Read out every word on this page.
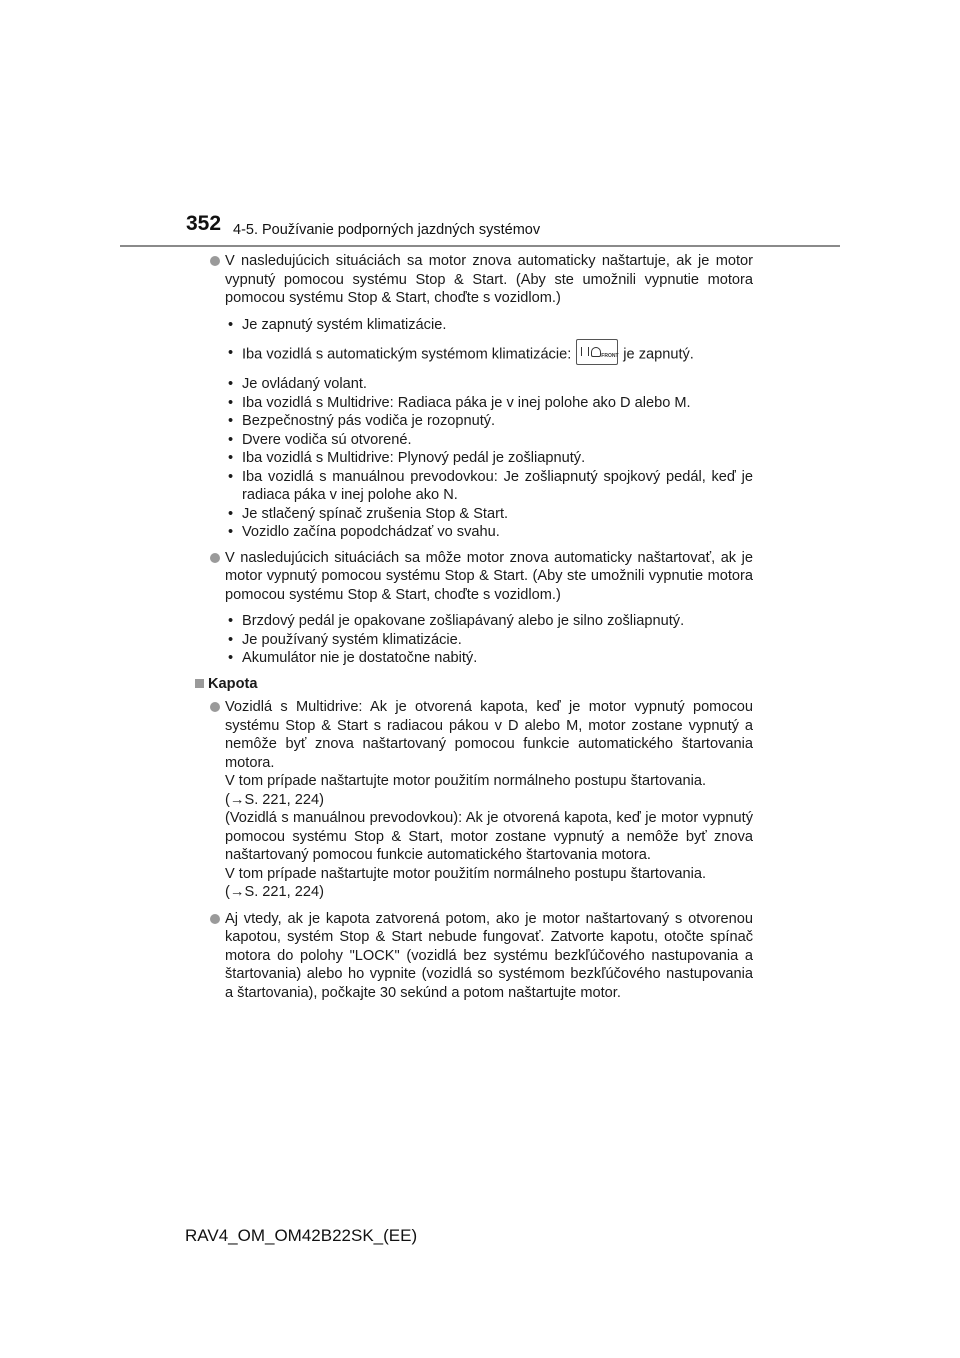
352 4-5. Používanie podporných jazdných systémov
V nasledujúcich situáciách sa motor znova automaticky naštartuje, ak je motor vypnutý pomocou systému Stop & Start. (Aby ste umožnili vypnutie motora pomocou systému Stop & Start, choďte s vozidlom.)
• Je zapnutý systém klimatizácie.
• Iba vozidlá s automatickým systémom klimatizácie:	FRONT je zapnutý.
• Je ovládaný volant.
• Iba vozidlá s Multidrive: Radiaca páka je v inej polohe ako D alebo M.
• Bezpečnostný pás vodiča je rozopnutý.
• Dvere vodiča sú otvorené.
• Iba vozidlá s Multidrive: Plynový pedál je zošliapnutý.
• Iba vozidlá s manuálnou prevodovkou: Je zošliapnutý spojkový pedál, keď je radiaca páka v inej polohe ako N.
• Je stlačený spínač zrušenia Stop & Start.
• Vozidlo začína popodchádzať vo svahu.
V nasledujúcich situáciách sa môže motor znova automaticky naštartovať, ak je motor vypnutý pomocou systému Stop & Start. (Aby ste umožnili vypnutie motora pomocou systému Stop & Start, choďte s vozidlom.)
• Brzdový pedál je opakovane zošliapávaný alebo je silno zošliapnutý.
• Je používaný systém klimatizácie.
• Akumulátor nie je dostatočne nabitý.
Kapota
Vozidlá s Multidrive: Ak je otvorená kapota, keď je motor vypnutý pomocou systému Stop & Start s radiacou pákou v D alebo M, motor zostane vypnutý a nemôže byť znova naštartovaný pomocou funkcie automatického štartovania motora.
V tom prípade naštartujte motor použitím normálneho postupu štartovania.
(→S. 221, 224)
(Vozidlá s manuálnou prevodovkou): Ak je otvorená kapota, keď je motor vypnutý pomocou systému Stop & Start, motor zostane vypnutý a nemôže byť znova naštartovaný pomocou funkcie automatického štartovania motora.
V tom prípade naštartujte motor použitím normálneho postupu štartovania.
(→S. 221, 224)
Aj vtedy, ak je kapota zatvorená potom, ako je motor naštartovaný s otvorenou kapotou, systém Stop & Start nebude fungovať. Zatvorte kapotu, otočte spínač motora do polohy "LOCK" (vozidlá bez systému bezkľúčového nastupovania a štartovania) alebo ho vypnite (vozidlá so systémom bezkľúčového nastupovania a štartovania), počkajte 30 sekúnd a potom naštartujte motor.
RAV4_OM_OM42B22SK_(EE)
